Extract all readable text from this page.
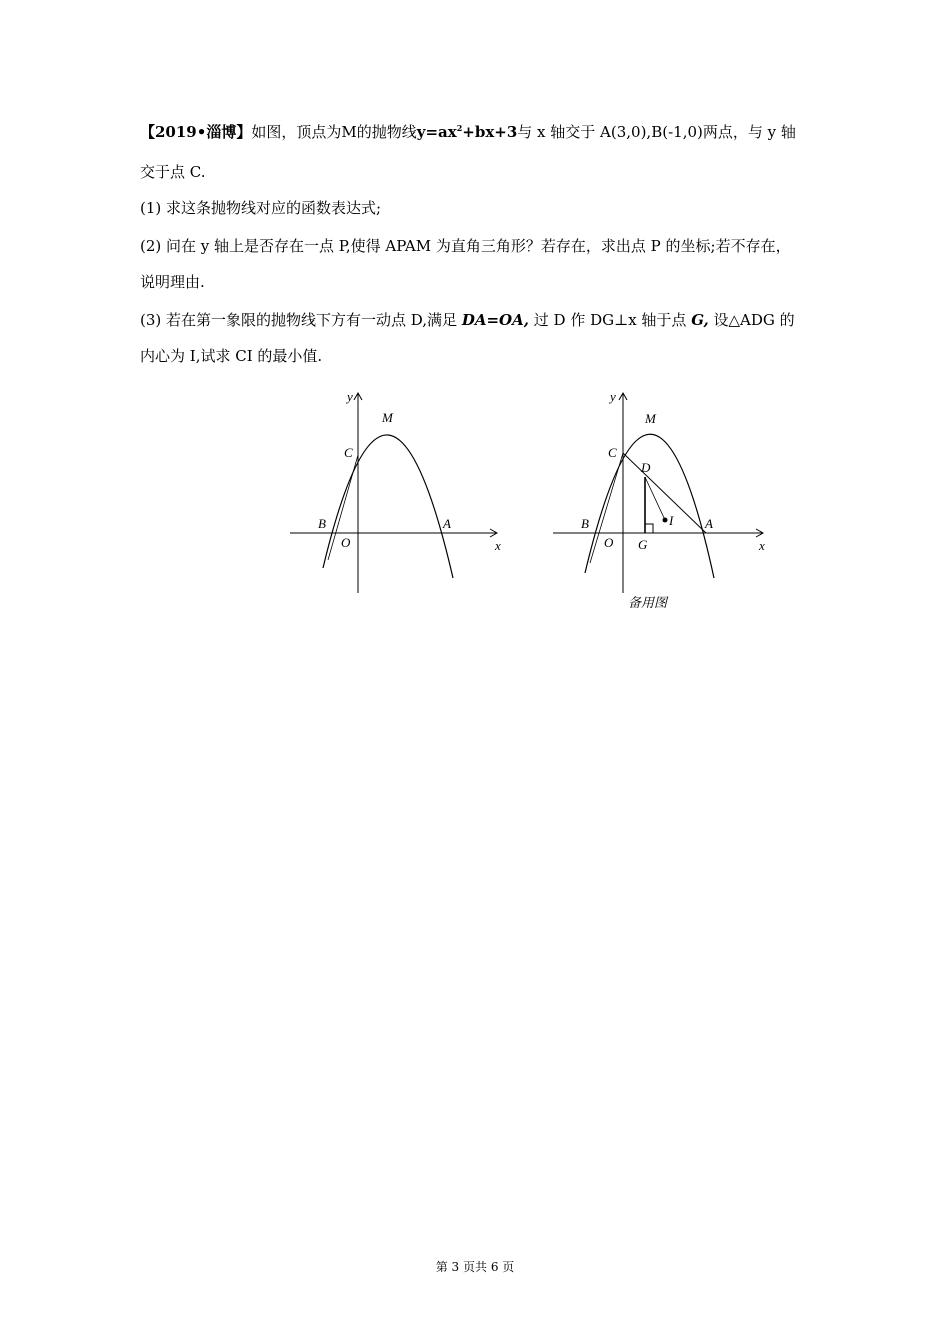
【2019•淄博】如图，顶点为M的抛物线$y=ax^2+bx+3$与 x 轴交于 A(3,0),B(-1,0)两点，与 y 轴
交于点 C.
(1) 求这条抛物线对应的函数表达式;
(2) 问在 y 轴上是否存在一点 P,使得 APAM 为直角三角形？若存在，求出点 P 的坐标;若不存在，
说明理由.
(3) 若在第一象限的抛物线下方有一动点 D,满足 DA=OA, 过 D 作 DG⊥x 轴于点 G, 设△ADG 的
内心为 I,试求 CI 的最小值.
y
x
M
C
B
O
A
y
x
M
C
D
I
B
O G
A
备用图
第 3 页共 6 页
